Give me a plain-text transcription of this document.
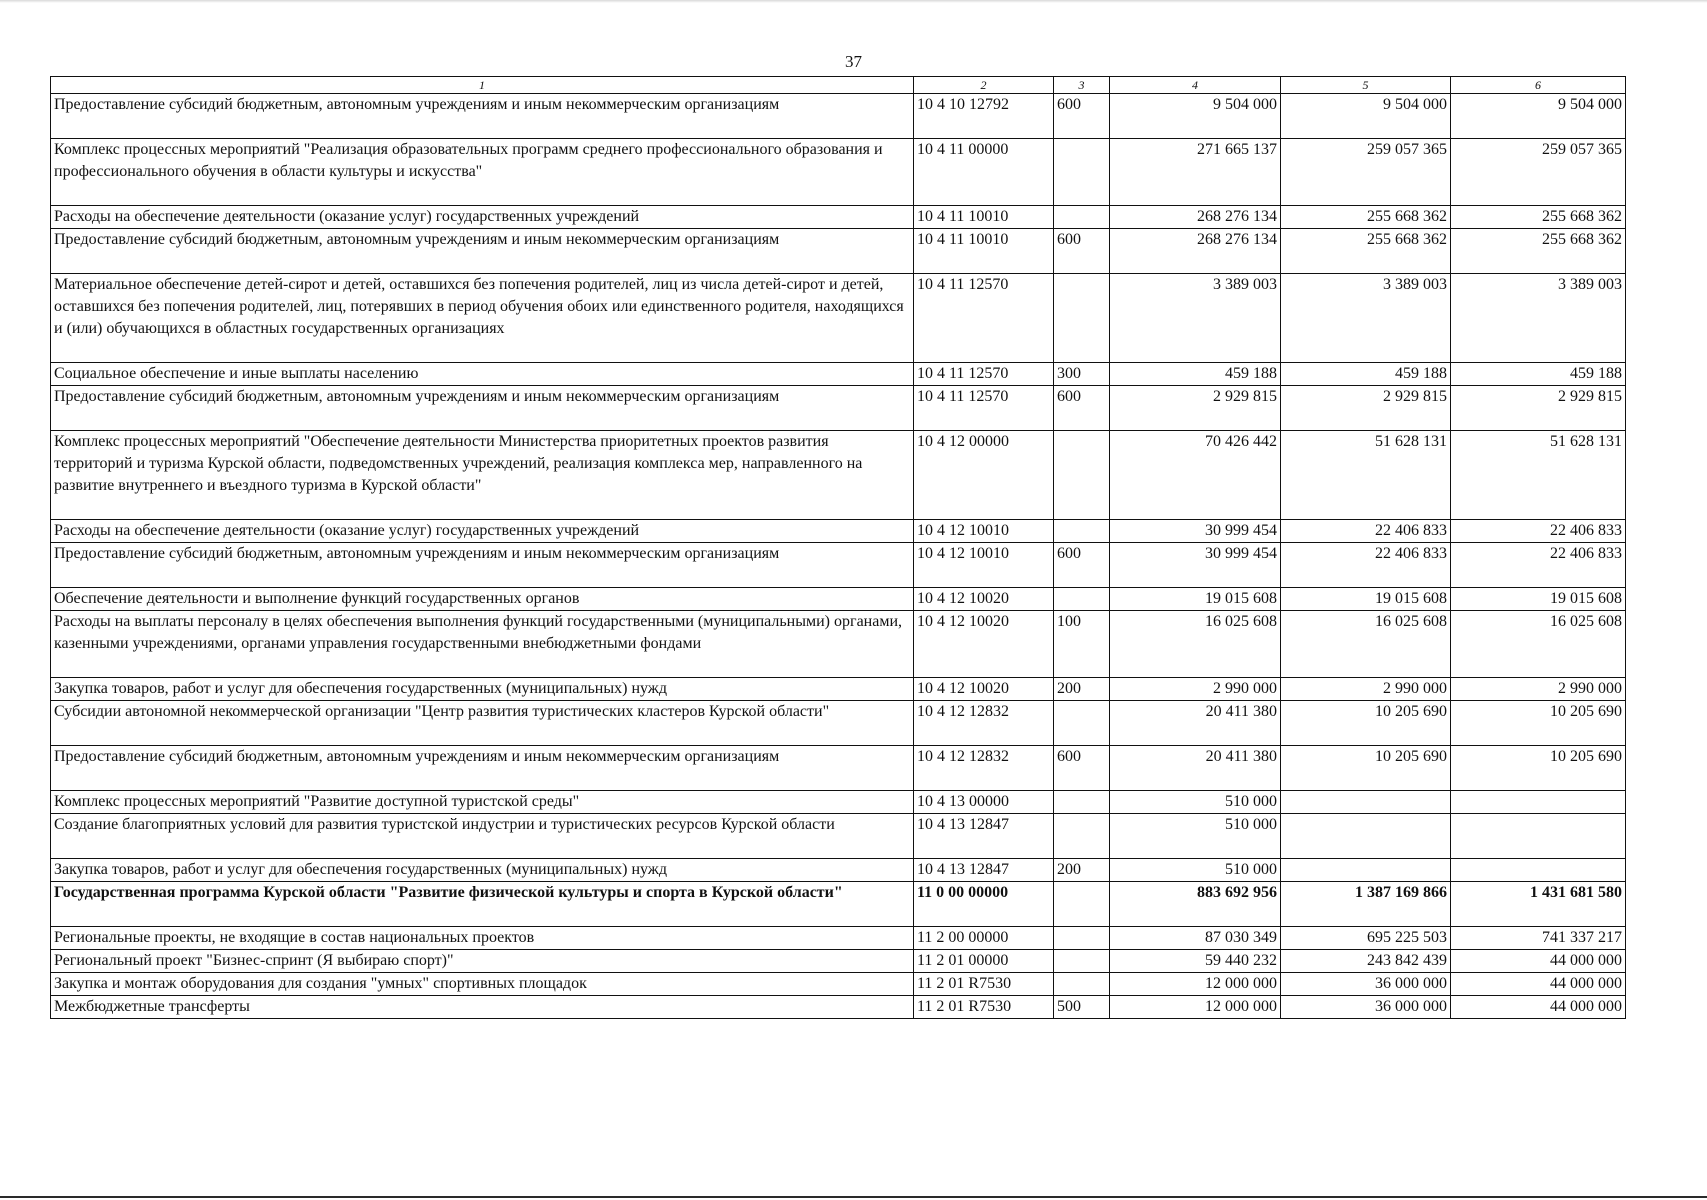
37
1	2	3	4	5	6
Предоставление субсидий бюджетным, автономным учреждениям и иным некоммерческим организациям	10 4 10 12792	600	9 504 000	9 504 000	9 504 000
Комплекс процессных мероприятий "Реализация образовательных программ среднего профессионального образования и профессионального обучения в области культуры и искусства"	10 4 11 00000		271 665 137	259 057 365	259 057 365
Расходы на обеспечение деятельности (оказание услуг) государственных учреждений	10 4 11 10010		268 276 134	255 668 362	255 668 362
Предоставление субсидий бюджетным, автономным учреждениям и иным некоммерческим организациям	10 4 11 10010	600	268 276 134	255 668 362	255 668 362
Материальное обеспечение детей-сирот и детей, оставшихся без попечения родителей, лиц из числа детей-сирот и детей, оставшихся без попечения родителей, лиц, потерявших в период обучения обоих или единственного родителя, находящихся и (или) обучающихся в областных государственных организациях	10 4 11 12570		3 389 003	3 389 003	3 389 003
Социальное обеспечение и иные выплаты населению	10 4 11 12570	300	459 188	459 188	459 188
Предоставление субсидий бюджетным, автономным учреждениям и иным некоммерческим организациям	10 4 11 12570	600	2 929 815	2 929 815	2 929 815
Комплекс процессных мероприятий "Обеспечение деятельности Министерства приоритетных проектов развития территорий и туризма Курской области, подведомственных учреждений, реализация комплекса мер, направленного на развитие внутреннего и въездного туризма в Курской области"	10 4 12 00000		70 426 442	51 628 131	51 628 131
Расходы на обеспечение деятельности (оказание услуг) государственных учреждений	10 4 12 10010		30 999 454	22 406 833	22 406 833
Предоставление субсидий бюджетным, автономным учреждениям и иным некоммерческим организациям	10 4 12 10010	600	30 999 454	22 406 833	22 406 833
Обеспечение деятельности и выполнение функций государственных органов	10 4 12 10020		19 015 608	19 015 608	19 015 608
Расходы на выплаты персоналу в целях обеспечения выполнения функций государственными (муниципальными) органами, казенными учреждениями, органами управления государственными внебюджетными фондами	10 4 12 10020	100	16 025 608	16 025 608	16 025 608
Закупка товаров, работ и услуг для обеспечения государственных (муниципальных) нужд	10 4 12 10020	200	2 990 000	2 990 000	2 990 000
Субсидии автономной некоммерческой организации "Центр развития туристических кластеров Курской области"	10 4 12 12832		20 411 380	10 205 690	10 205 690
Предоставление субсидий бюджетным, автономным учреждениям и иным некоммерческим организациям	10 4 12 12832	600	20 411 380	10 205 690	10 205 690
Комплекс процессных мероприятий "Развитие доступной туристской среды"	10 4 13 00000		510 000		
Создание благоприятных условий для развития туристской индустрии и туристических ресурсов Курской области	10 4 13 12847		510 000		
Закупка товаров, работ и услуг для обеспечения государственных (муниципальных) нужд	10 4 13 12847	200	510 000		
Государственная программа Курской области "Развитие физической культуры и спорта в Курской области"	11 0 00 00000		883 692 956	1 387 169 866	1 431 681 580
Региональные проекты, не входящие в состав национальных проектов	11 2 00 00000		87 030 349	695 225 503	741 337 217
Региональный проект "Бизнес-спринт (Я выбираю спорт)"	11 2 01 00000		59 440 232	243 842 439	44 000 000
Закупка и монтаж оборудования для создания "умных" спортивных площадок	11 2 01 R7530		12 000 000	36 000 000	44 000 000
Межбюджетные трансферты	11 2 01 R7530	500	12 000 000	36 000 000	44 000 000
